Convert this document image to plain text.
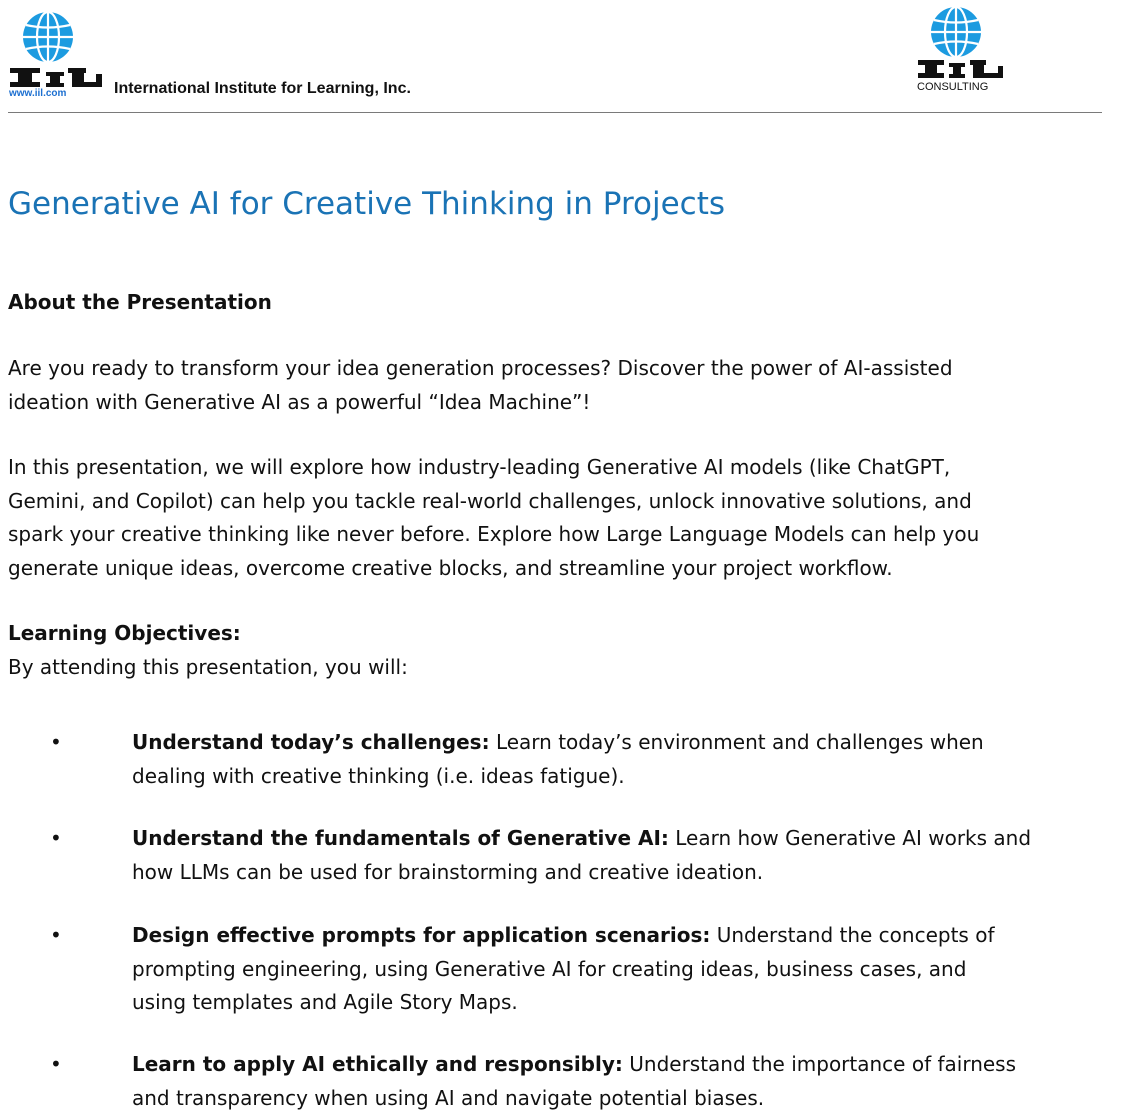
www.iil.com	International Institute for Learning, Inc.	CONSULTING
Generative AI for Creative Thinking in Projects
About the Presentation

Are you ready to transform your idea generation processes? Discover the power of AI-assisted
ideation with Generative AI as a powerful “Idea Machine”!

In this presentation, we will explore how industry-leading Generative AI models (like ChatGPT,
Gemini, and Copilot) can help you tackle real-world challenges, unlock innovative solutions, and
spark your creative thinking like never before. Explore how Large Language Models can help you
generate unique ideas, overcome creative blocks, and streamline your project workflow.

Learning Objectives:

By attending this presentation, you will:

•	Understand today’s challenges: Learn today’s environment and challenges when
dealing with creative thinking (i.e. ideas fatigue).
•	Understand the fundamentals of Generative AI: Learn how Generative AI works and
how LLMs can be used for brainstorming and creative ideation.
•	Design effective prompts for application scenarios: Understand the concepts of
prompting engineering, using Generative AI for creating ideas, business cases, and
using templates and Agile Story Maps.
•	Learn to apply AI ethically and responsibly: Understand the importance of fairness
and transparency when using AI and navigate potential biases.
